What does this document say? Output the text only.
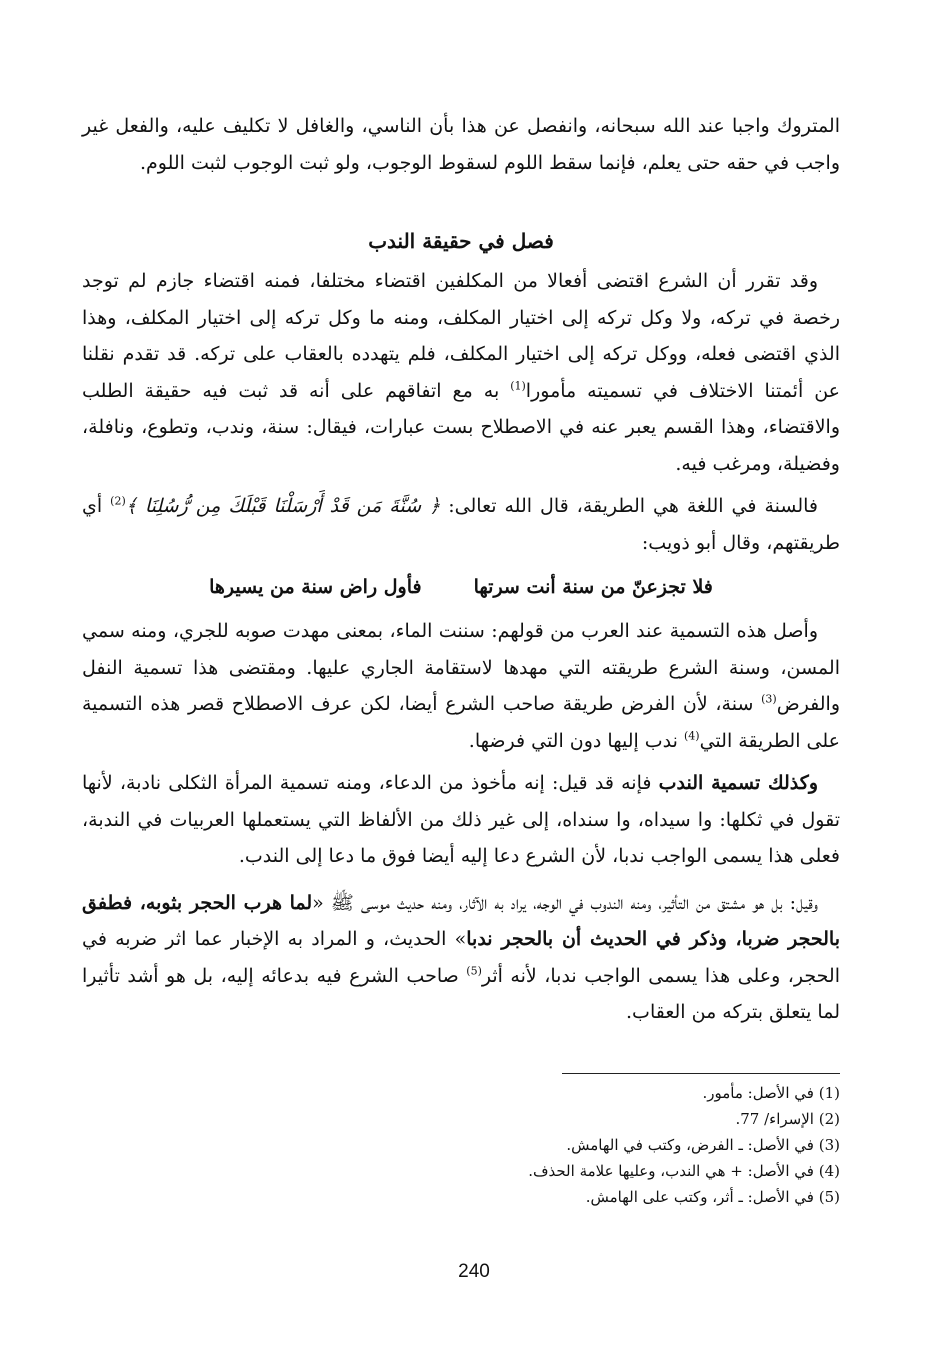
المتروك واجبا عند الله سبحانه، وانفصل عن هذا بأن الناسي، والغافل لا تكليف عليه، والفعل غير واجب في حقه حتى يعلم، فإنما سقط اللوم لسقوط الوجوب، ولو ثبت الوجوب لثبت اللوم.

فصل في حقيقة الندب

وقد تقرر أن الشرع اقتضى أفعالا من المكلفين اقتضاء مختلفا، فمنه اقتضاء جازم لم توجد رخصة في تركه، ولا وكل تركه إلى اختيار المكلف، ومنه ما وكل تركه إلى اختيار المكلف، وهذا الذي اقتضى فعله، ووكل تركه إلى اختيار المكلف، فلم يتهدده بالعقاب على تركه. قد تقدم نقلنا عن أئمتنا الاختلاف في تسميته مأمورا$^{(1)}$ به مع اتفاقهم على أنه قد ثبت فيه حقيقة الطلب والاقتضاء، وهذا القسم يعبر عنه في الاصطلاح بست عبارات، فيقال: سنة، وندب، وتطوع، ونافلة، وفضيلة، ومرغب فيه.

فالسنة في اللغة هي الطريقة، قال الله تعالى: ﴿ سُنَّةَ مَن قَدْ أَرْسَلْنَا قَبْلَكَ مِن رُّسُلِنَا ﴾$^{(2)}$ أي طريقتهم، وقال أبو ذويب:

فلا تجزعنّ من سنة أنت سرتها
فأول راض سنة من يسيرها

وأصل هذه التسمية عند العرب من قولهم: سننت الماء، بمعنى مهدت صوبه للجري، ومنه سمي المسن، وسنة الشرع طريقته التي مهدها لاستقامة الجاري عليها. ومقتضى هذا تسمية النفل والفرض$^{(3)}$ سنة، لأن الفرض طريقة صاحب الشرع أيضا، لكن عرف الاصطلاح قصر هذه التسمية على الطريقة التي$^{(4)}$ ندب إليها دون التي فرضها.

وكذلك تسمية الندب فإنه قد قيل: إنه مأخوذ من الدعاء، ومنه تسمية المرأة الثكلى نادبة، لأنها تقول في ثكلها: وا سيداه، وا سنداه، إلى غير ذلك من الألفاظ التي يستعملها العربيات في الندبة، فعلى هذا يسمى الواجب ندبا، لأن الشرع دعا إليه أيضا فوق ما دعا إلى الندب.

وقيل: بل هو مشتق من التأثير، ومنه الندوب في الوجه، يراد به الآثار، ومنه حديث موسى ﷺ «لما هرب الحجر بثوبه، فطفق بالحجر ضربا، وذكر في الحديث أن بالحجر ندبا» الحديث، و المراد به الإخبار عما اثر ضربه في الحجر، وعلى هذا يسمى الواجب ندبا، لأنه أثر$^{(5)}$ صاحب الشرع فيه بدعائه إليه، بل هو أشد تأثيرا لما يتعلق بتركه من العقاب.

(1) في الأصل: مأمور.
(2) الإسراء/ 77.
(3) في الأصل: ـ الفرض، وكتب في الهامش.
(4) في الأصل: + هي الندب، وعليها علامة الحذف.
(5) في الأصل: ـ أثر، وكتب على الهامش.
240
